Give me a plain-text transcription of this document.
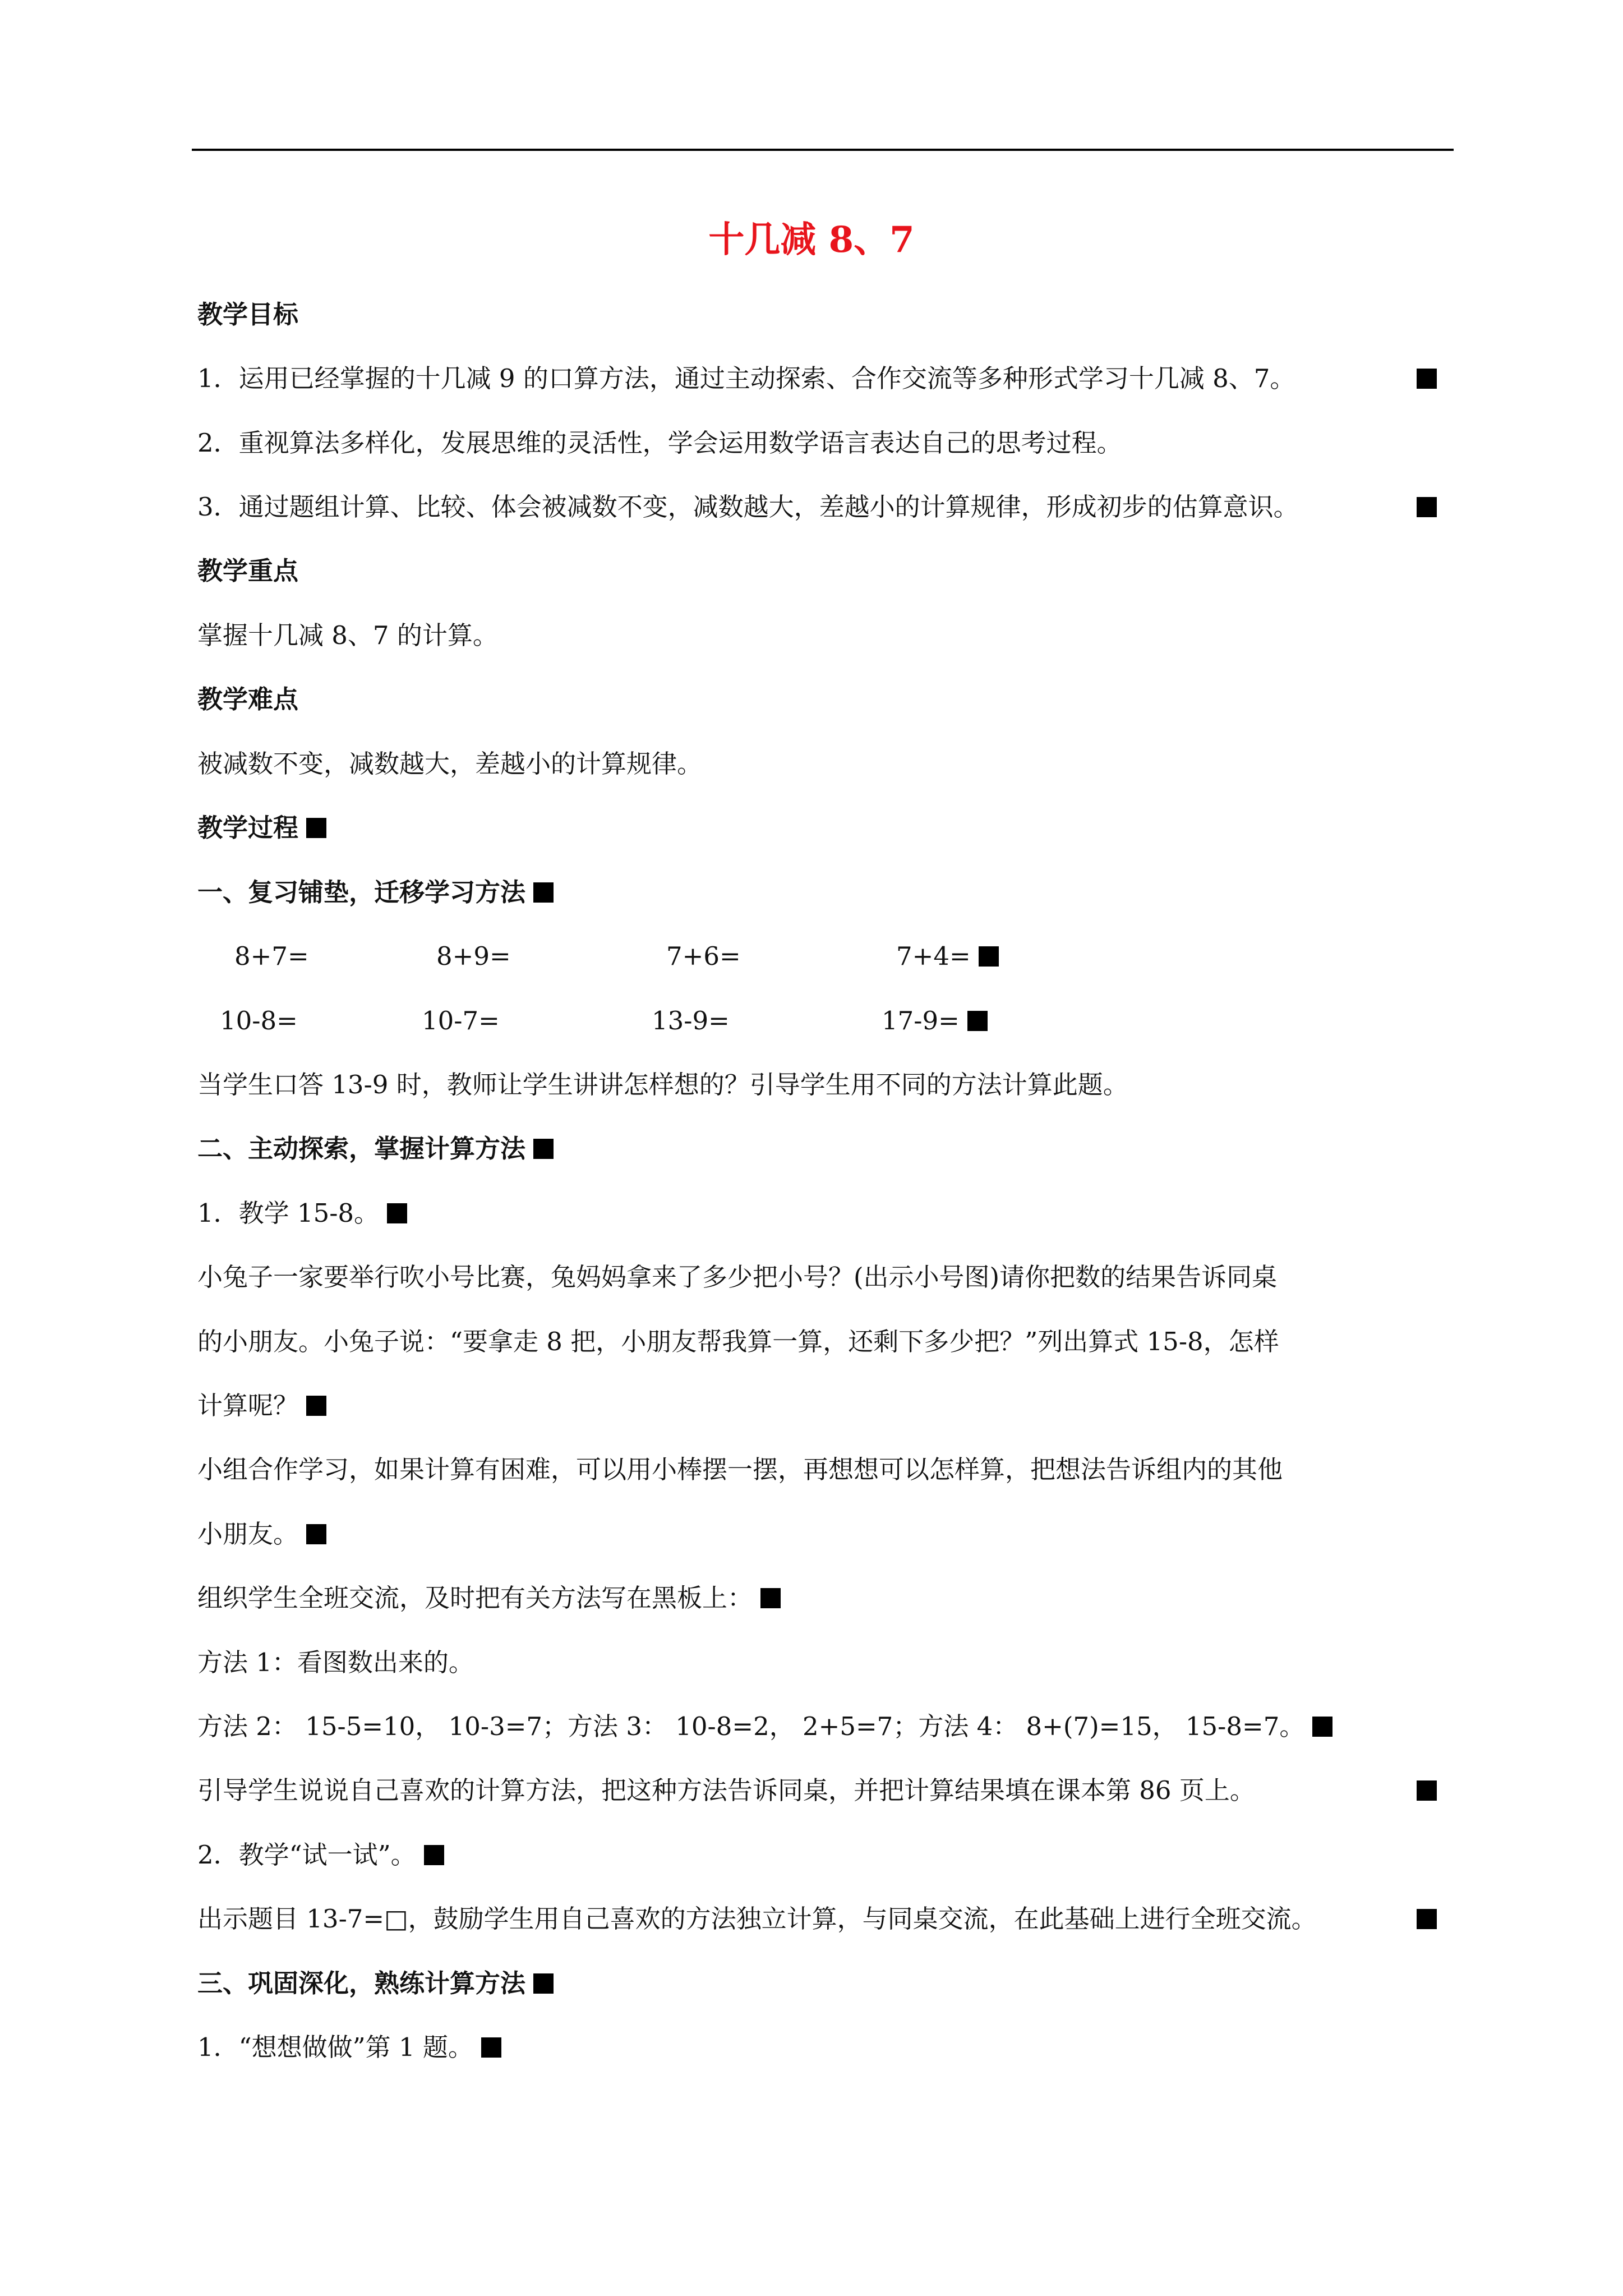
十几减 8、7
教学目标
1．运用已经掌握的十几减 9 的口算方法，通过主动探索、合作交流等多种形式学习十几减 8、7。
2．重视算法多样化，发展思维的灵活性，学会运用数学语言表达自己的思考过程。
3．通过题组计算、比较、体会被减数不变，减数越大，差越小的计算规律，形成初步的估算意识。
教学重点
掌握十几减 8、7 的计算。
教学难点
被减数不变，减数越大，差越小的计算规律。
教学过程
一、复习铺垫，迁移学习方法
8+7=	8+9=	7+6=	7+4=
10-8=	10-7=	13-9=	17-9=
当学生口答 13-9 时，教师让学生讲讲怎样想的？引导学生用不同的方法计算此题。
二、主动探索，掌握计算方法
1．教学 15-8。
小兔子一家要举行吹小号比赛，兔妈妈拿来了多少把小号？(出示小号图)请你把数的结果告诉同桌
的小朋友。小兔子说：“要拿走 8 把，小朋友帮我算一算，还剩下多少把？”列出算式 15-8，怎样
计算呢？
小组合作学习，如果计算有困难，可以用小棒摆一摆，再想想可以怎样算，把想法告诉组内的其他
小朋友。
组织学生全班交流，及时把有关方法写在黑板上：
方法 1：看图数出来的。
方法 2： 15-5=10， 10-3=7；方法 3： 10-8=2， 2+5=7；方法 4： 8+(7)=15， 15-8=7。
引导学生说说自己喜欢的计算方法，把这种方法告诉同桌，并把计算结果填在课本第 86 页上。
2．教学“试一试”。
出示题目 13-7=□，鼓励学生用自己喜欢的方法独立计算，与同桌交流，在此基础上进行全班交流。
三、巩固深化，熟练计算方法
1．“想想做做”第 1 题。
